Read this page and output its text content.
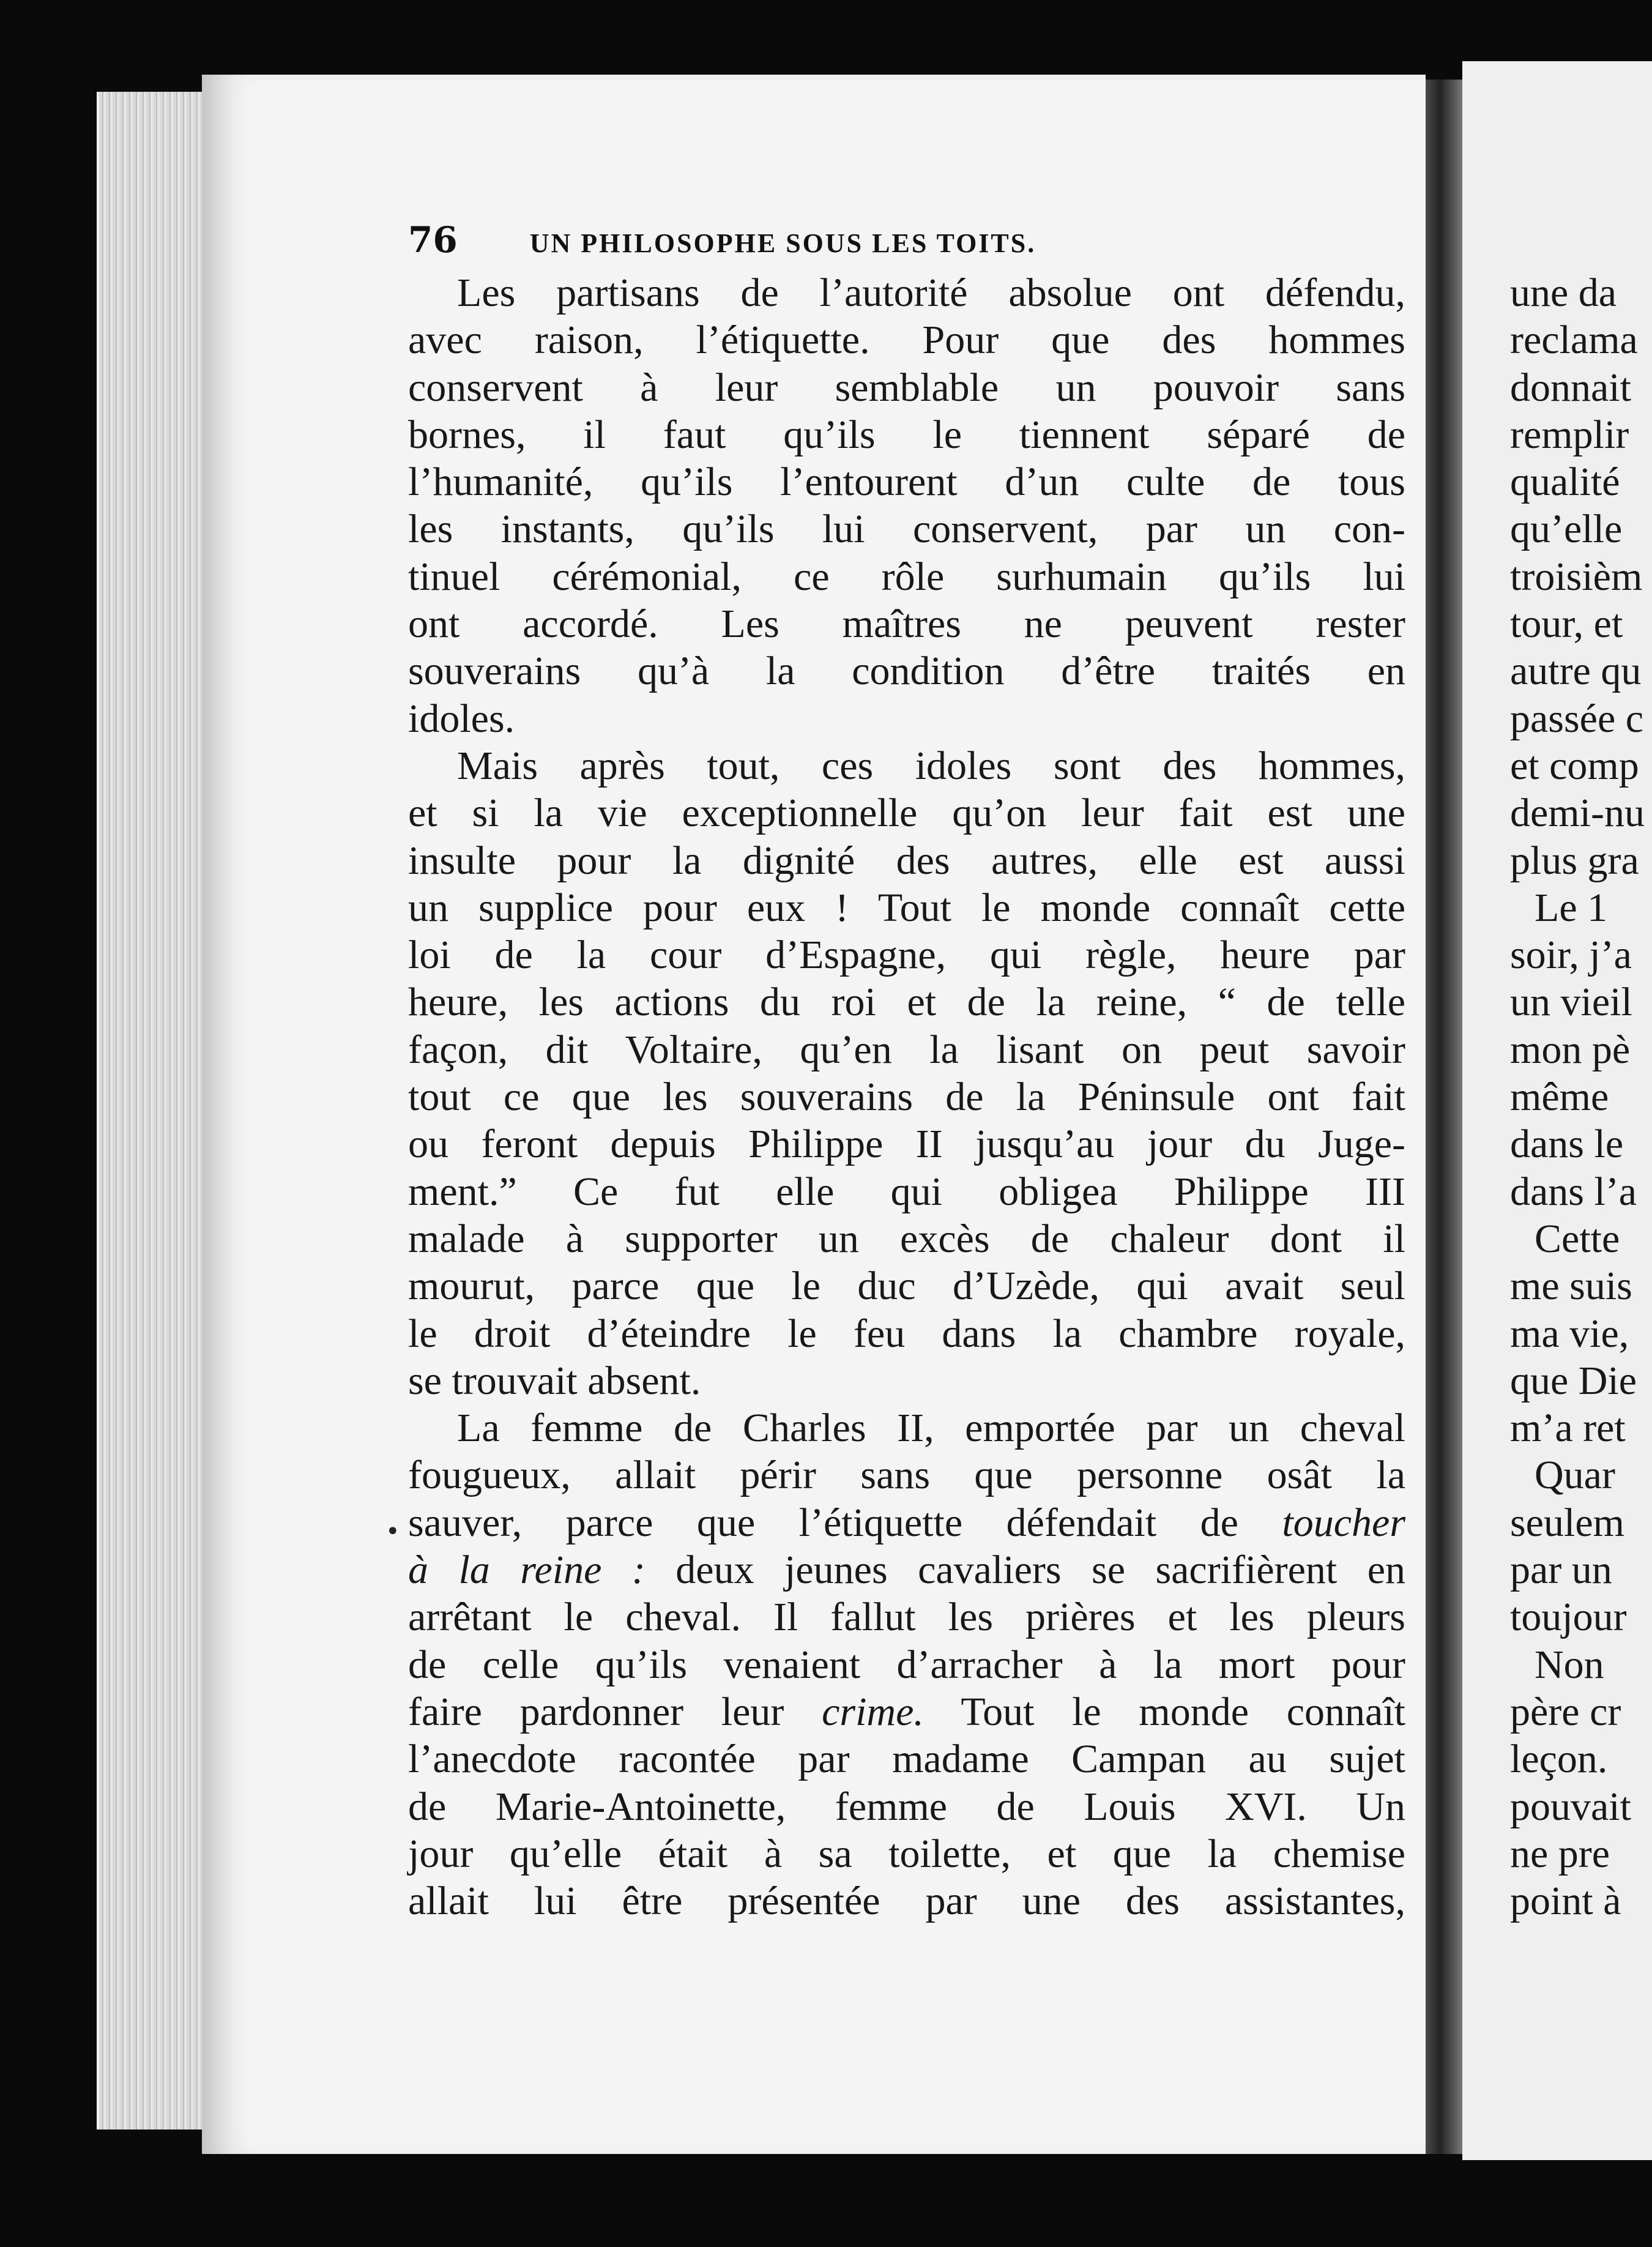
76	UN PHILOSOPHE SOUS LES TOITS.
Les partisans de l’autorité absolue ont défendu,
avec raison, l’étiquette. Pour que des hommes
conservent à leur semblable un pouvoir sans
bornes, il faut qu’ils le tiennent séparé de
l’humanité, qu’ils l’entourent d’un culte de tous
les instants, qu’ils lui conservent, par un con-
tinuel cérémonial, ce rôle surhumain qu’ils lui
ont accordé. Les maîtres ne peuvent rester
souverains qu’à la condition d’être traités en
idoles.
Mais après tout, ces idoles sont des hommes,
et si la vie exceptionnelle qu’on leur fait est une
insulte pour la dignité des autres, elle est aussi
un supplice pour eux ! Tout le monde connaît cette
loi de la cour d’Espagne, qui règle, heure par
heure, les actions du roi et de la reine, “ de telle
façon, dit Voltaire, qu’en la lisant on peut savoir
tout ce que les souverains de la Péninsule ont fait
ou feront depuis Philippe II jusqu’au jour du Juge-
ment.” Ce fut elle qui obligea Philippe III
malade à supporter un excès de chaleur dont il
mourut, parce que le duc d’Uzède, qui avait seul
le droit d’éteindre le feu dans la chambre royale,
se trouvait absent.
La femme de Charles II, emportée par un cheval
fougueux, allait périr sans que personne osât la
sauver, parce que l’étiquette défendait de toucher
à la reine : deux jeunes cavaliers se sacrifièrent en
arrêtant le cheval. Il fallut les prières et les pleurs
de celle qu’ils venaient d’arracher à la mort pour
faire pardonner leur crime. Tout le monde connaît
l’anecdote racontée par madame Campan au sujet
de Marie-Antoinette, femme de Louis XVI. Un
jour qu’elle était à sa toilette, et que la chemise
allait lui être présentée par une des assistantes,
une da
reclama
donnait
remplir
qualité
qu’elle
troisièm
tour, et
autre qu
passée c
et comp
demi-nu
plus gra
Le 1
soir, j’a
un vieil
mon pè
même
dans le
dans l’a
Cette
me suis
ma vie,
que Die
m’a ret
Quar
seulem
par un
toujour
Non
père cr
leçon.
pouvait
ne pre
point à
•
